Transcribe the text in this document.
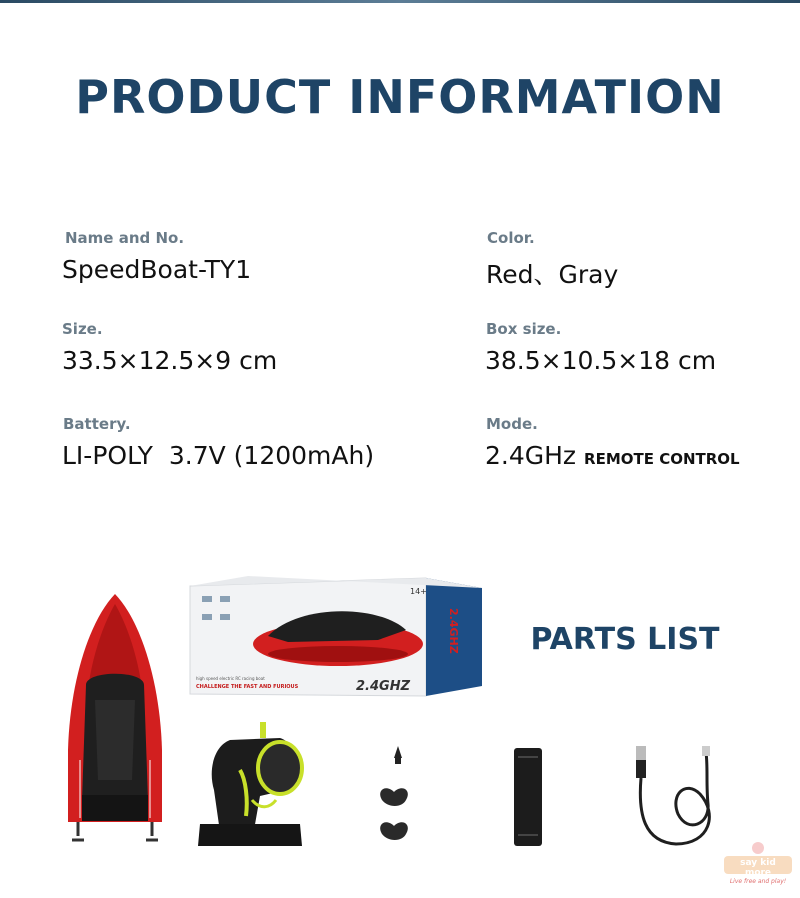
PRODUCT INFORMATION
Name and No.
SpeedBoat-TY1
Color.
Red、Gray
Size.
33.5×12.5×9 cm
Box size.
38.5×10.5×18 cm
Battery.
LI-POLY  3.7V (1200mAh)
Mode.
2.4GHz REMOTE CONTROL
PARTS LIST
14+
high speed electric RC racing boat
CHALLENGE THE FAST AND FURIOUS	2.4GHZ
2.4GHZ
say kid more
Live free and play!
